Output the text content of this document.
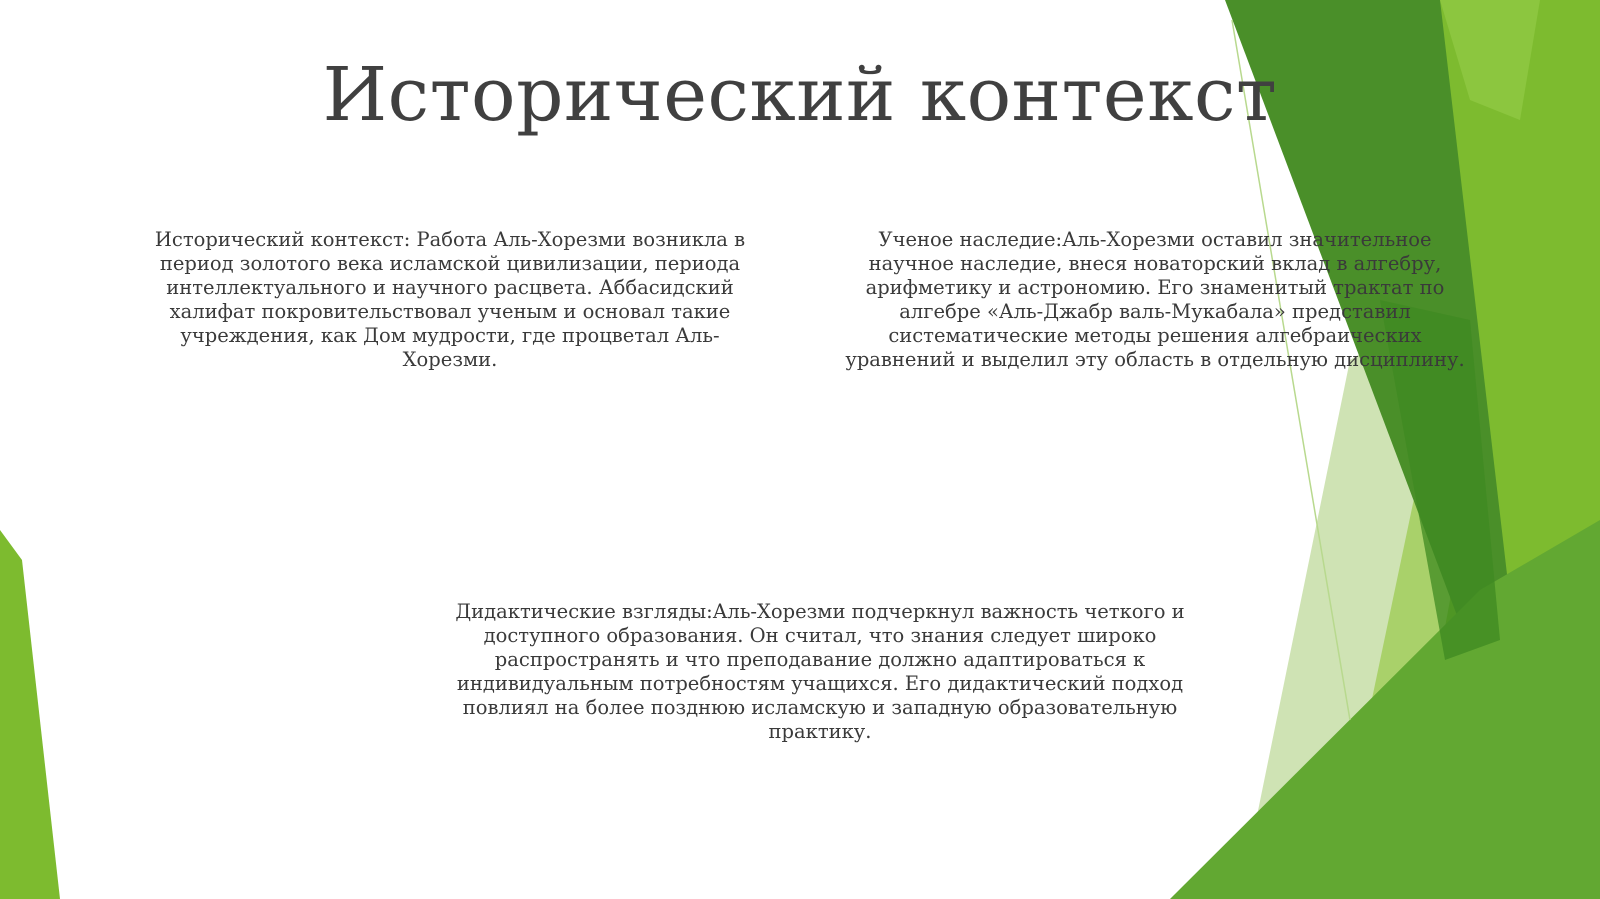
Исторический контекст

Исторический контекст: Работа Аль-Хорезми возникла в период золотого века исламской цивилизации, периода интеллектуального и научного расцвета. Аббасидский халифат покровительствовал ученым и основал такие учреждения, как Дом мудрости, где процветал Аль-Хорезми.

Ученое наследие:Аль-Хорезми оставил значительное научное наследие, внеся новаторский вклад в алгебру, арифметику и астрономию. Его знаменитый трактат по алгебре «Аль-Джабр валь-Мукабала» представил систематические методы решения алгебраических уравнений и выделил эту область в отдельную дисциплину.

Дидактические взгляды:Аль-Хорезми подчеркнул важность четкого и доступного образования. Он считал, что знания следует широко распространять и что преподавание должно адаптироваться к индивидуальным потребностям учащихся. Его дидактический подход повлиял на более позднюю исламскую и западную образовательную практику.
